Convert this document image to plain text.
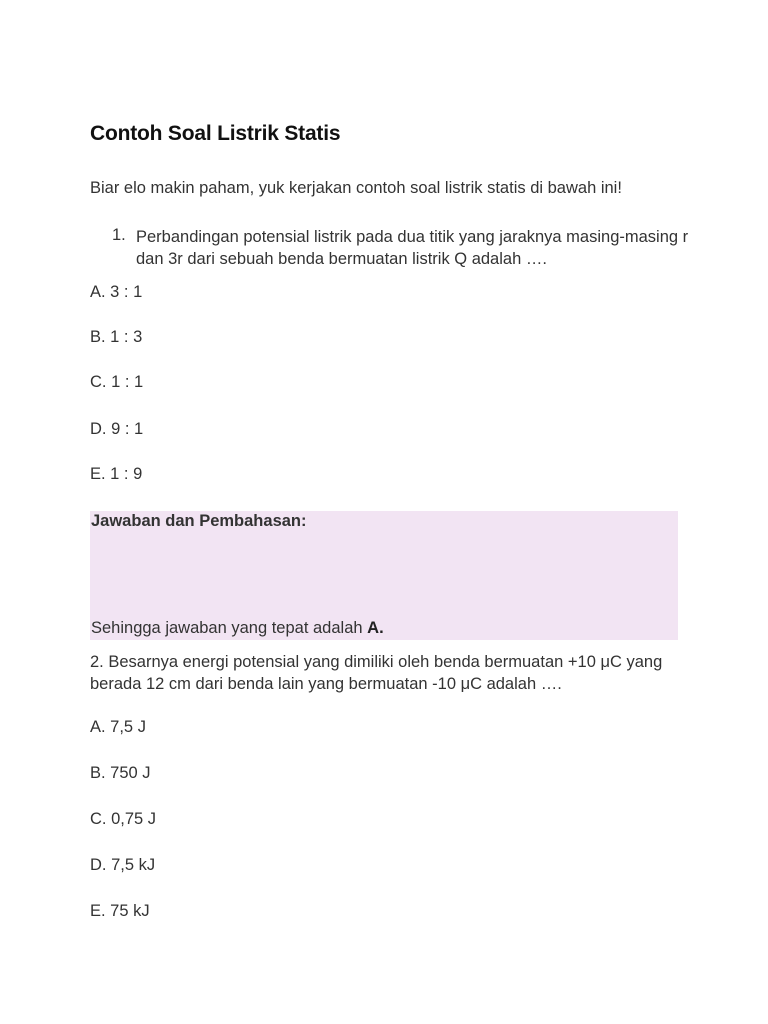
Contoh Soal Listrik Statis
Biar elo makin paham, yuk kerjakan contoh soal listrik statis di bawah ini!
1. Perbandingan potensial listrik pada dua titik yang jaraknya masing-masing r dan 3r dari sebuah benda bermuatan listrik Q adalah ….
A. 3 : 1
B. 1 : 3
C. 1 : 1
D. 9 : 1
E. 1 : 9
Jawaban dan Pembahasan:
Sehingga jawaban yang tepat adalah A.
2. Besarnya energi potensial yang dimiliki oleh benda bermuatan +10 μC yang berada 12 cm dari benda lain yang bermuatan -10 μC adalah ….
A. 7,5 J
B. 750 J
C. 0,75 J
D. 7,5 kJ
E. 75 kJ
